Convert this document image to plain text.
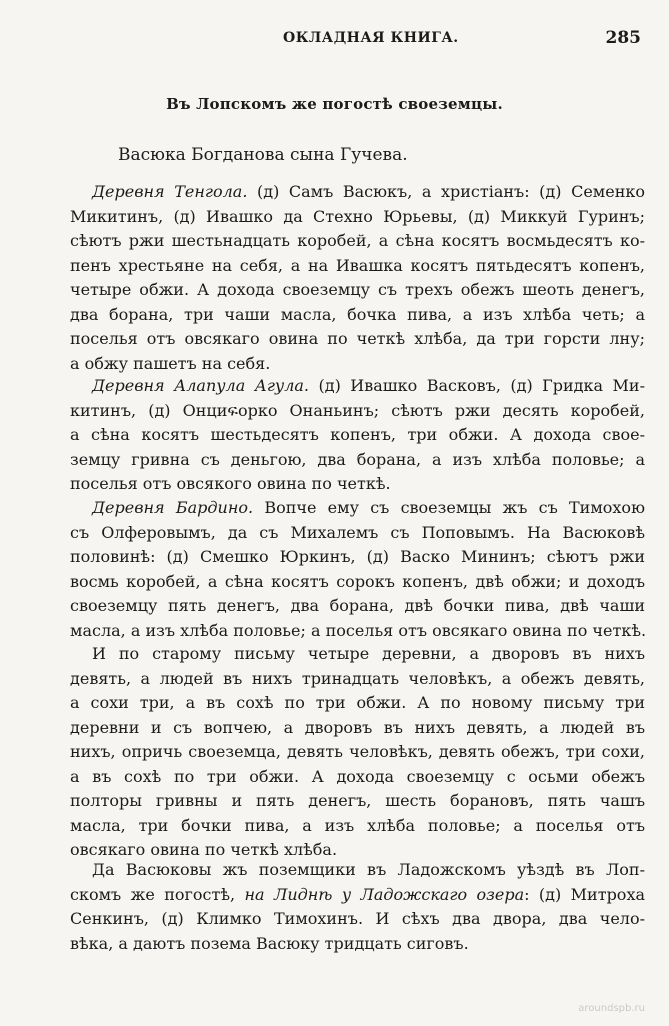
ОКЛАДНАЯ КНИГА.	285
Въ Лопскомъ же погостѣ своеземцы.
Васюка Богданова сына Гучева.
Деревня Тенгола. (д) Самъ Васюкъ, а христіанъ: (д) Семенко
Микитинъ, (д) Ивашко да Стехно Юрьевы, (д) Миккуй Гуринъ;
сѣютъ ржи шестьнадцать коробей, а сѣна косятъ восмьдесятъ ко-
пенъ хрестьяне на себя, а на Ивашка косятъ пятьдесятъ копенъ,
четыре обжи. А дохода своеземцу съ трехъ обежъ шеоть денегъ,
два борана, три чаши масла, бочка пива, а изъ хлѣба четь; а
поселья отъ овсякаго овина по четкѣ хлѣба, да три горсти лну;
а обжу пашетъ на себя.
Деревня Алапула Агула. (д) Ивашко Васковъ, (д) Гридка Ми-
китинъ, (д) Онциፍорко Онаньинъ; сѣютъ ржи десять коробей,
а сѣна косятъ шестьдесятъ копенъ, три обжи. А дохода свое-
земцу гривна съ деньгою, два борана, а изъ хлѣба половье; а
поселья отъ овсякого овина по четкѣ.
Деревня Бардино. Вопче ему съ своеземцы жъ съ Тимохою
съ Олферовымъ, да съ Михалемъ съ Поповымъ. На Васюковѣ
половинѣ: (д) Смешко Юркинъ, (д) Васко Мининъ; сѣютъ ржи
восмь коробей, а сѣна косятъ сорокъ копенъ, двѣ обжи; и доходъ
своеземцу пять денегъ, два борана, двѣ бочки пива, двѣ чаши
масла, а изъ хлѣба половье; а поселья отъ овсякаго овина по четкѣ.
И по старому письму четыре деревни, а дворовъ въ нихъ
девять, а людей въ нихъ тринадцать человѣкъ, а обежъ девять,
а сохи три, а въ сохѣ по три обжи. А по новому письму три
деревни и съ вопчею, а дворовъ въ нихъ девять, а людей въ
нихъ, опричь своеземца, девять человѣкъ, девять обежъ, три сохи,
а въ сохѣ по три обжи. А дохода своеземцу с осьми обежъ
полторы гривны и пять денегъ, шесть борановъ, пять чашъ
масла, три бочки пива, а изъ хлѣба половье; а поселья отъ
овсякаго овина по четкѣ хлѣба.
Да Васюковы жъ поземщики въ Ладожскомъ уѣздѣ въ Лоп-
скомъ же погостѣ, на Лиднѣ у Ладожскаго озера: (д) Митроха
Сенкинъ, (д) Климко Тимохинъ. И сѣхъ два двора, два чело-
вѣка, а даютъ позема Васюку тридцать сиговъ.
aroundspb.ru
